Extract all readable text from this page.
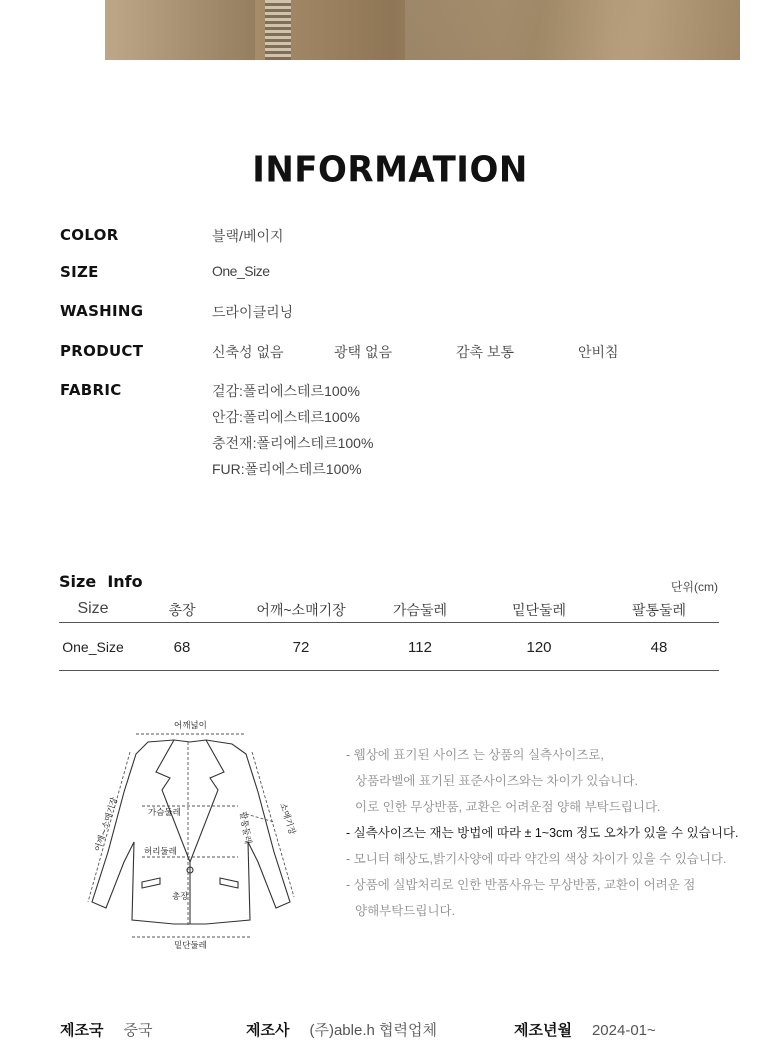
INFORMATION
COLOR	블랙/베이지
SIZE	One_Size
WASHING	드라이클리닝
PRODUCT	신축성 없음	광택 없음	감촉 보통	안비침
FABRIC	겉감:폴리에스테르100%
안감:폴리에스테르100%
충전재:폴리에스테르100%
FUR:폴리에스테르100%
Size  Info	단위(cm)
Size	총장	어깨~소매기장	가슴둘레	밑단둘레	팔통둘레
One_Size	68	72	112	120	48
어깨넓이
어깨~소매기장	소매기장
가슴둘레	팔통둘레
허리둘레
총장
밑단둘레
- 웹상에 표기된 사이즈 는 상품의 실측사이즈로,
상품라벨에 표기된 표준사이즈와는 차이가 있습니다.
이로 인한 무상반품, 교환은 어려운점 양해 부탁드립니다.
- 실측사이즈는 재는 방법에 따라 ± 1~3cm 정도 오차가 있을 수 있습니다.
- 모니터 해상도,밝기사양에 따라 약간의 색상 차이가 있을 수 있습니다.
- 상품에 실밥처리로 인한 반품사유는 무상반품, 교환이 어려운 점
양해부탁드립니다.
제조국 중국	제조사 (주)able.h 협력업체	제조년월 2024-01~
